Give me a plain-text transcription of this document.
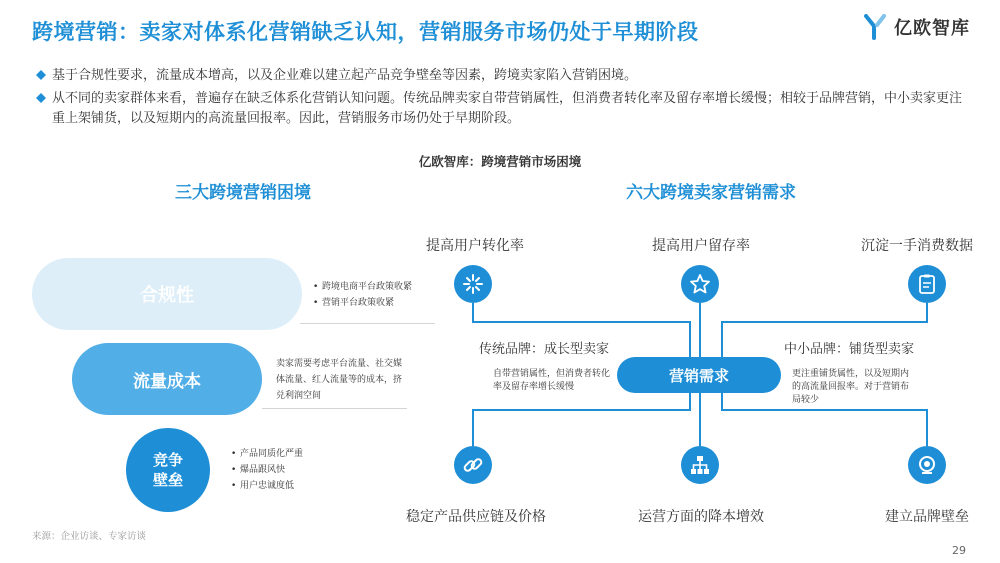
跨境营销：卖家对体系化营销缺乏认知，营销服务市场仍处于早期阶段	亿欧智库
基于合规性要求，流量成本增高，以及企业难以建立起产品竞争壁垒等因素，跨境卖家陷入营销困境。
从不同的卖家群体来看，普遍存在缺乏体系化营销认知问题。传统品牌卖家自带营销属性，但消费者转化率及留存率增长缓慢；相较于品牌营销，中小卖家更注重上架铺货，以及短期内的高流量回报率。因此，营销服务市场仍处于早期阶段。
亿欧智库：跨境营销市场困境
三大跨境营销困境
合规性
•	跨境电商平台政策收紧
• 营销平台政策收紧
流量成本
卖家需要考虑平台流量、社交媒体流量、红人流量等的成本，挤兑利润空间
竞争
壁垒
• 产品同质化严重
• 爆品跟风快
• 用户忠诚度低
六大跨境卖家营销需求
提高用户转化率	提高用户留存率	沉淀一手消费数据
营销需求
传统品牌：成长型卖家
自带营销属性，但消费者转化率及留存率增长缓慢
中小品牌：铺货型卖家
更注重铺货属性，以及短期内的高流量回报率。对于营销布局较少
稳定产品供应链及价格	运营方面的降本增效	建立品牌壁垒
来源：企业访谈、专家访谈
29
